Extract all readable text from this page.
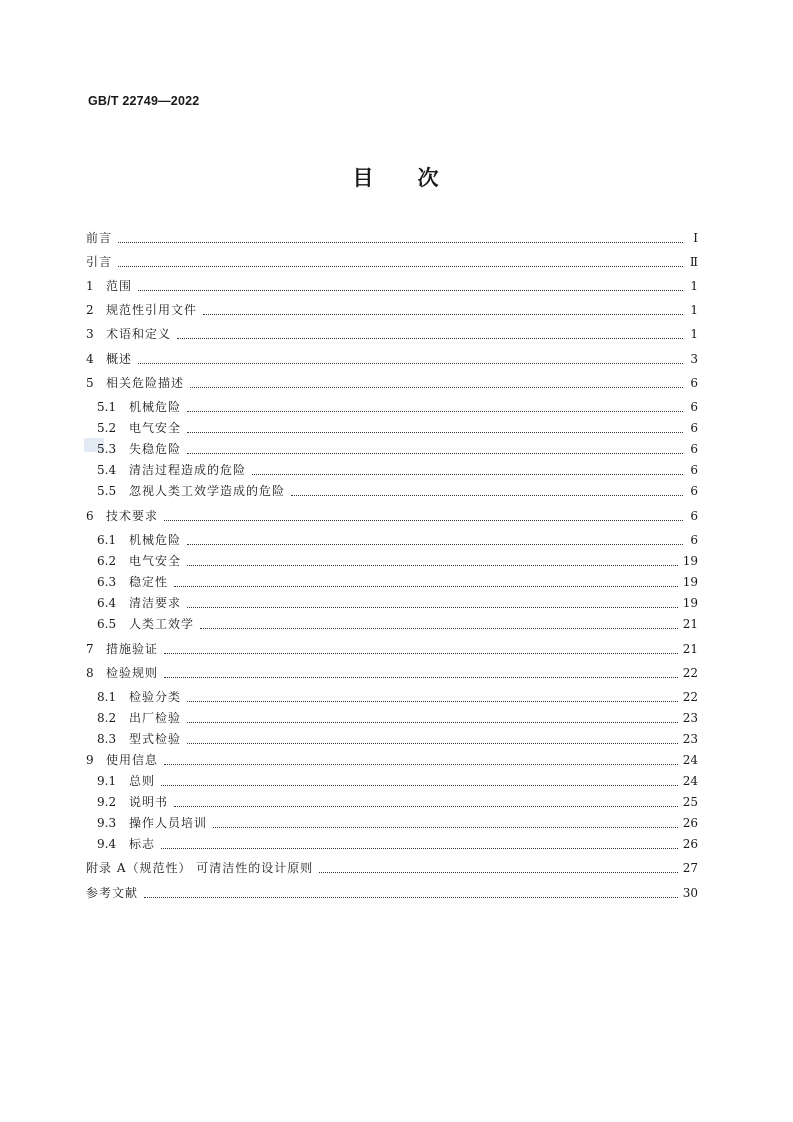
GB/T 22749—2022
目 次
前言	Ⅰ
引言	Ⅱ
1	范围	1
2	规范性引用文件	1
3	术语和定义	1
4	概述	3
5	相关危险描述	6
5.1	机械危险	6
5.2	电气安全	6
5.3	失稳危险	6
5.4	清洁过程造成的危险	6
5.5	忽视人类工效学造成的危险	6
6	技术要求	6
6.1	机械危险	6
6.2	电气安全	19
6.3	稳定性	19
6.4	清洁要求	19
6.5	人类工效学	21
7	措施验证	21
8	检验规则	22
8.1	检验分类	22
8.2	出厂检验	23
8.3	型式检验	23
9	使用信息	24
9.1	总则	24
9.2	说明书	25
9.3	操作人员培训	26
9.4	标志	26
附录 A（规范性） 可清洁性的设计原则	27
参考文献	30
